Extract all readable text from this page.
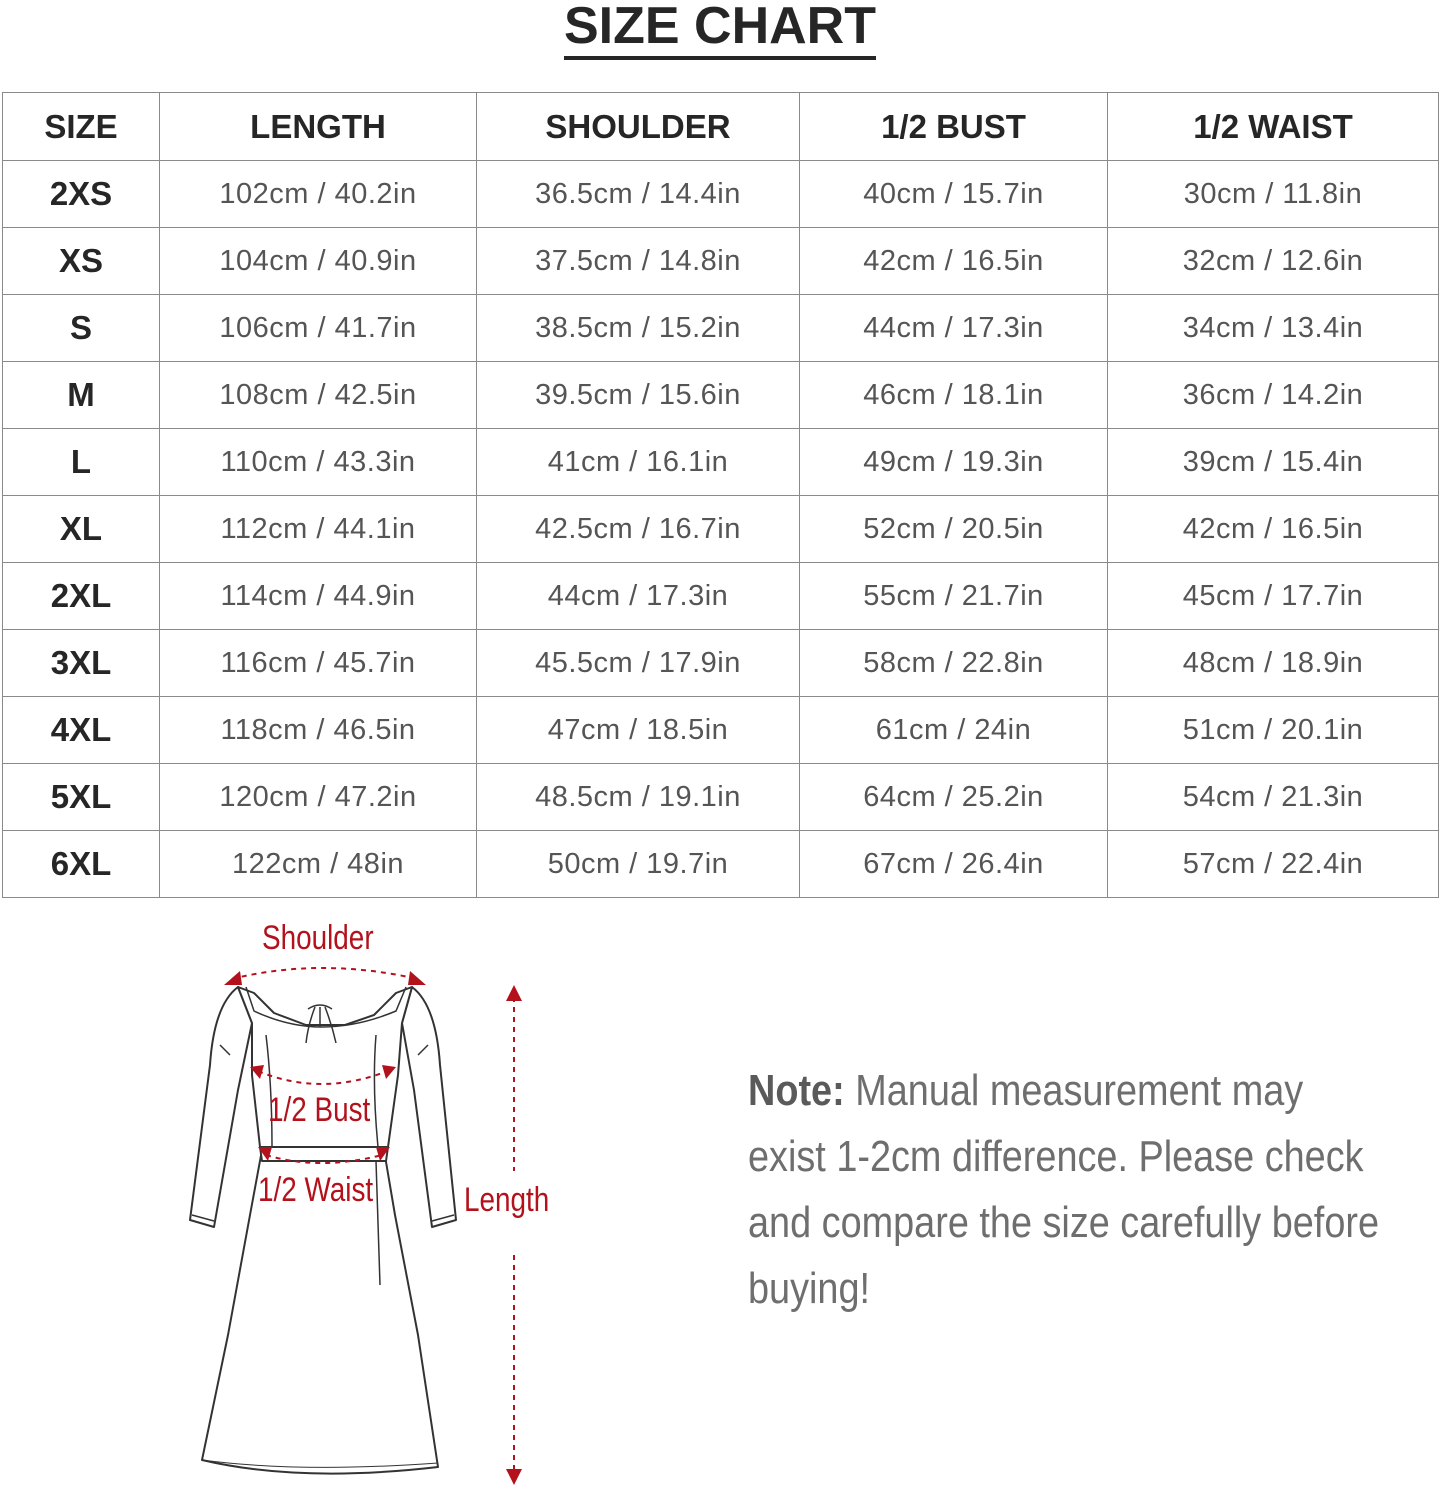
SIZE CHART
SIZE	LENGTH	SHOULDER	1/2 BUST	1/2 WAIST
2XS	102cm / 40.2in	36.5cm / 14.4in	40cm / 15.7in	30cm / 11.8in
XS	104cm / 40.9in	37.5cm / 14.8in	42cm / 16.5in	32cm / 12.6in
S	106cm / 41.7in	38.5cm / 15.2in	44cm / 17.3in	34cm / 13.4in
M	108cm / 42.5in	39.5cm / 15.6in	46cm / 18.1in	36cm / 14.2in
L	110cm / 43.3in	41cm / 16.1in	49cm / 19.3in	39cm / 15.4in
XL	112cm / 44.1in	42.5cm / 16.7in	52cm / 20.5in	42cm / 16.5in
2XL	114cm / 44.9in	44cm / 17.3in	55cm / 21.7in	45cm / 17.7in
3XL	116cm / 45.7in	45.5cm / 17.9in	58cm / 22.8in	48cm / 18.9in
4XL	118cm / 46.5in	47cm / 18.5in	61cm / 24in	51cm / 20.1in
5XL	120cm / 47.2in	48.5cm / 19.1in	64cm / 25.2in	54cm / 21.3in
6XL	122cm / 48in	50cm / 19.7in	67cm / 26.4in	57cm / 22.4in
Shoulder
1/2 Bust
1/2 Waist	Length
Note: Manual measurement may exist 1-2cm difference. Please check and compare the size carefully before buying!
